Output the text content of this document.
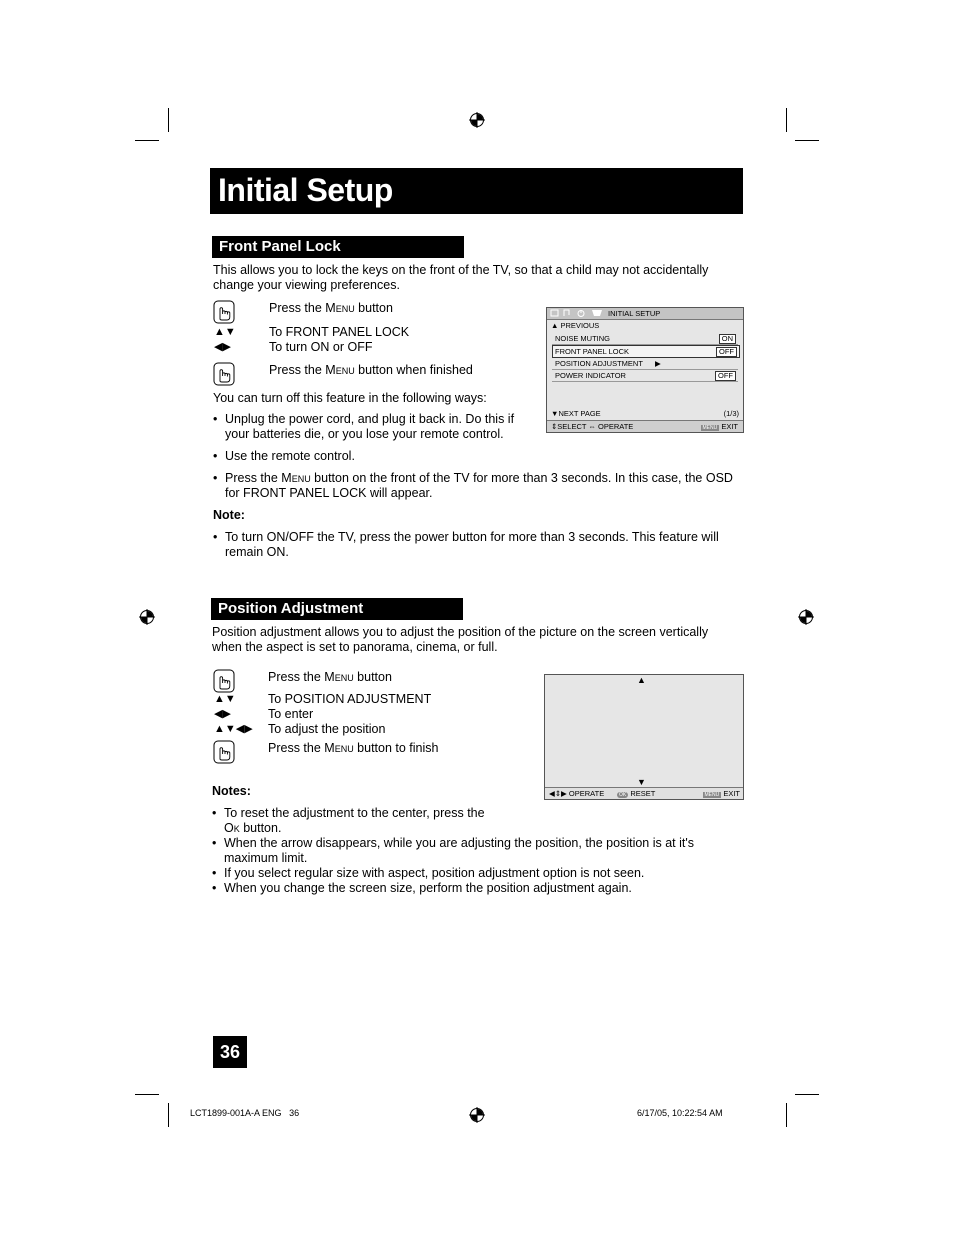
Initial Setup
Front Panel Lock
This allows you to lock the keys on the front of the TV, so that a child may not accidentally
change your viewing preferences.
Press the Menu button
▲▼	To FRONT PANEL LOCK
◀▶	To turn ON or OFF
Press the Menu button when finished
INITIAL SETUP
▲ PREVIOUS
NOISE MUTING	ON
FRONT PANEL LOCK	OFF
POSITION ADJUSTMENT ▶
POWER INDICATOR	OFF
▼NEXT PAGE	(1/3)
⇕SELECT ⇔ OPERATE	MENU EXIT
You can turn off this feature in the following ways:
• Unplug the power cord, and plug it back in. Do this if
your batteries die, or you lose your remote control.
• Use the remote control.
• Press the Menu button on the front of the TV for more than 3 seconds. In this case, the OSD
for FRONT PANEL LOCK will appear.
Note:
• To turn ON/OFF the TV, press the power button for more than 3 seconds. This feature will
remain ON.
Position Adjustment
Position adjustment allows you to adjust the position of the picture on the screen vertically
when the aspect is set to panorama, cinema, or full.
Press the Menu button
▲▼	To POSITION ADJUSTMENT
◀▶	To enter
▲▼◀▶ To adjust the position
Press the Menu button to finish
▲
▼
◀⇕▶ OPERATE	OK RESET	MENU EXIT
Notes:
• To reset the adjustment to the center, press the
Ok button.
• When the arrow disappears, while you are adjusting the position, the position is at it's
maximum limit.
• If you select regular size with aspect, position adjustment option is not seen.
• When you change the screen size, perform the position adjustment again.
36
LCT1899-001A-A ENG 36	6/17/05, 10:22:54 AM
